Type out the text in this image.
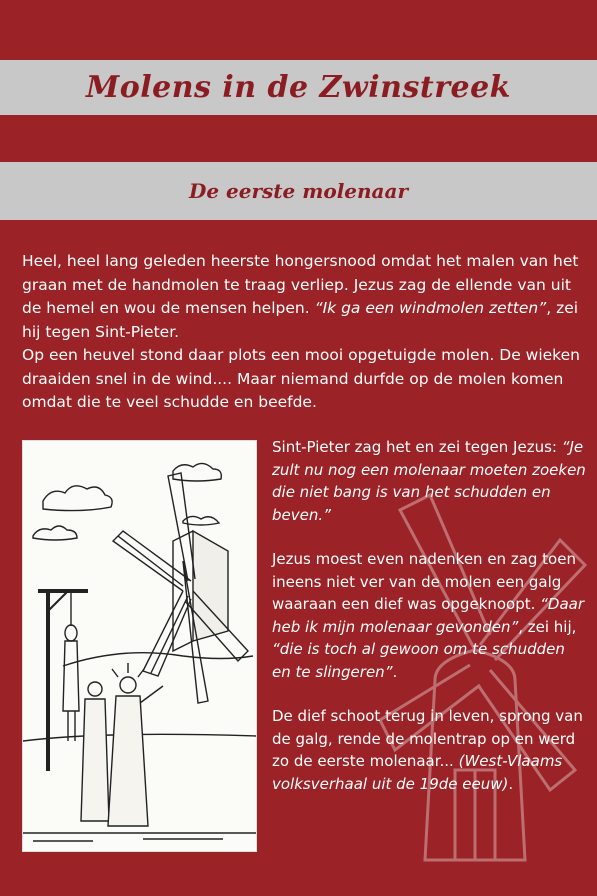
Molens in de Zwinstreek
De eerste molenaar

Heel, heel lang geleden heerste hongersnood omdat het malen van het graan met de handmolen te traag verliep. Jezus zag de ellende van uit de hemel en wou de mensen helpen. “Ik ga een windmolen zetten”, zei hij tegen Sint-Pieter.

Op een heuvel stond daar plots een mooi opgetuigde molen. De wieken draaiden snel in de wind.... Maar niemand durfde op de molen komen omdat die te veel schudde en beefde.

Sint-Pieter zag het en zei tegen Jezus: “Je zult nu nog een molenaar moeten zoeken die niet bang is van het schudden en beven.”

Jezus moest even nadenken en zag toen ineens niet ver van de molen een galg waaraan een dief was opgeknoopt. “Daar heb ik mijn molenaar gevonden”, zei hij, “die is toch al gewoon om te schudden en te slingeren”.

De dief schoot terug in leven, sprong van de galg, rende de molentrap op en werd zo de eerste molenaar... (West-Vlaams volksverhaal uit de 19de eeuw).
